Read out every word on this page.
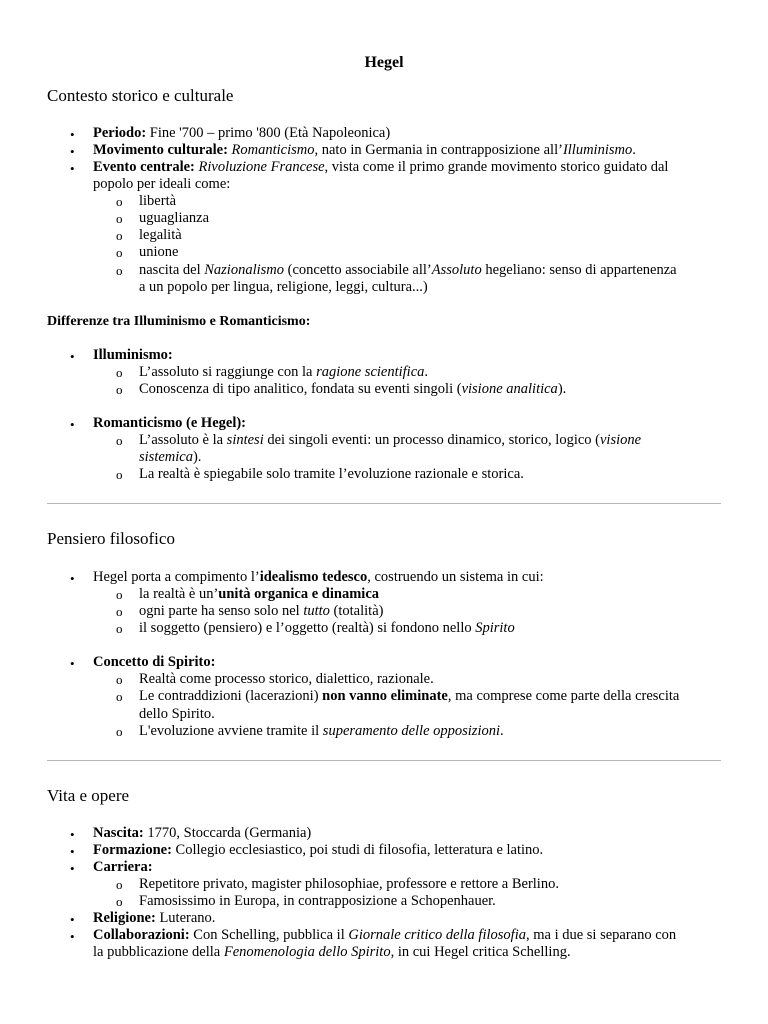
Hegel
Contesto storico e culturale
• Periodo: Fine '700 – primo '800 (Età Napoleonica)
• Movimento culturale: Romanticismo, nato in Germania in contrapposizione all’Illuminismo.
• Evento centrale: Rivoluzione Francese, vista come il primo grande movimento storico guidato dal
popolo per ideali come:
o libertà
o uguaglianza
o legalità
o unione
o nascita del Nazionalismo (concetto associabile all’Assoluto hegeliano: senso di appartenenza
a un popolo per lingua, religione, leggi, cultura...)
Differenze tra Illuminismo e Romanticismo:
• Illuminismo:
o L’assoluto si raggiunge con la ragione scientifica.
o Conoscenza di tipo analitico, fondata su eventi singoli (visione analitica).
• Romanticismo (e Hegel):
o L’assoluto è la sintesi dei singoli eventi: un processo dinamico, storico, logico (visione
sistemica).
o La realtà è spiegabile solo tramite l’evoluzione razionale e storica.
Pensiero filosofico
• Hegel porta a compimento l’idealismo tedesco, costruendo un sistema in cui:
o la realtà è un’unità organica e dinamica
o ogni parte ha senso solo nel tutto (totalità)
o il soggetto (pensiero) e l’oggetto (realtà) si fondono nello Spirito
• Concetto di Spirito:
o Realtà come processo storico, dialettico, razionale.
o Le contraddizioni (lacerazioni) non vanno eliminate, ma comprese come parte della crescita
dello Spirito.
o L'evoluzione avviene tramite il superamento delle opposizioni.
Vita e opere
• Nascita: 1770, Stoccarda (Germania)
• Formazione: Collegio ecclesiastico, poi studi di filosofia, letteratura e latino.
• Carriera:
o Repetitore privato, magister philosophiae, professore e rettore a Berlino.
o Famosissimo in Europa, in contrapposizione a Schopenhauer.
• Religione: Luterano.
• Collaborazioni: Con Schelling, pubblica il Giornale critico della filosofia, ma i due si separano con
la pubblicazione della Fenomenologia dello Spirito, in cui Hegel critica Schelling.
